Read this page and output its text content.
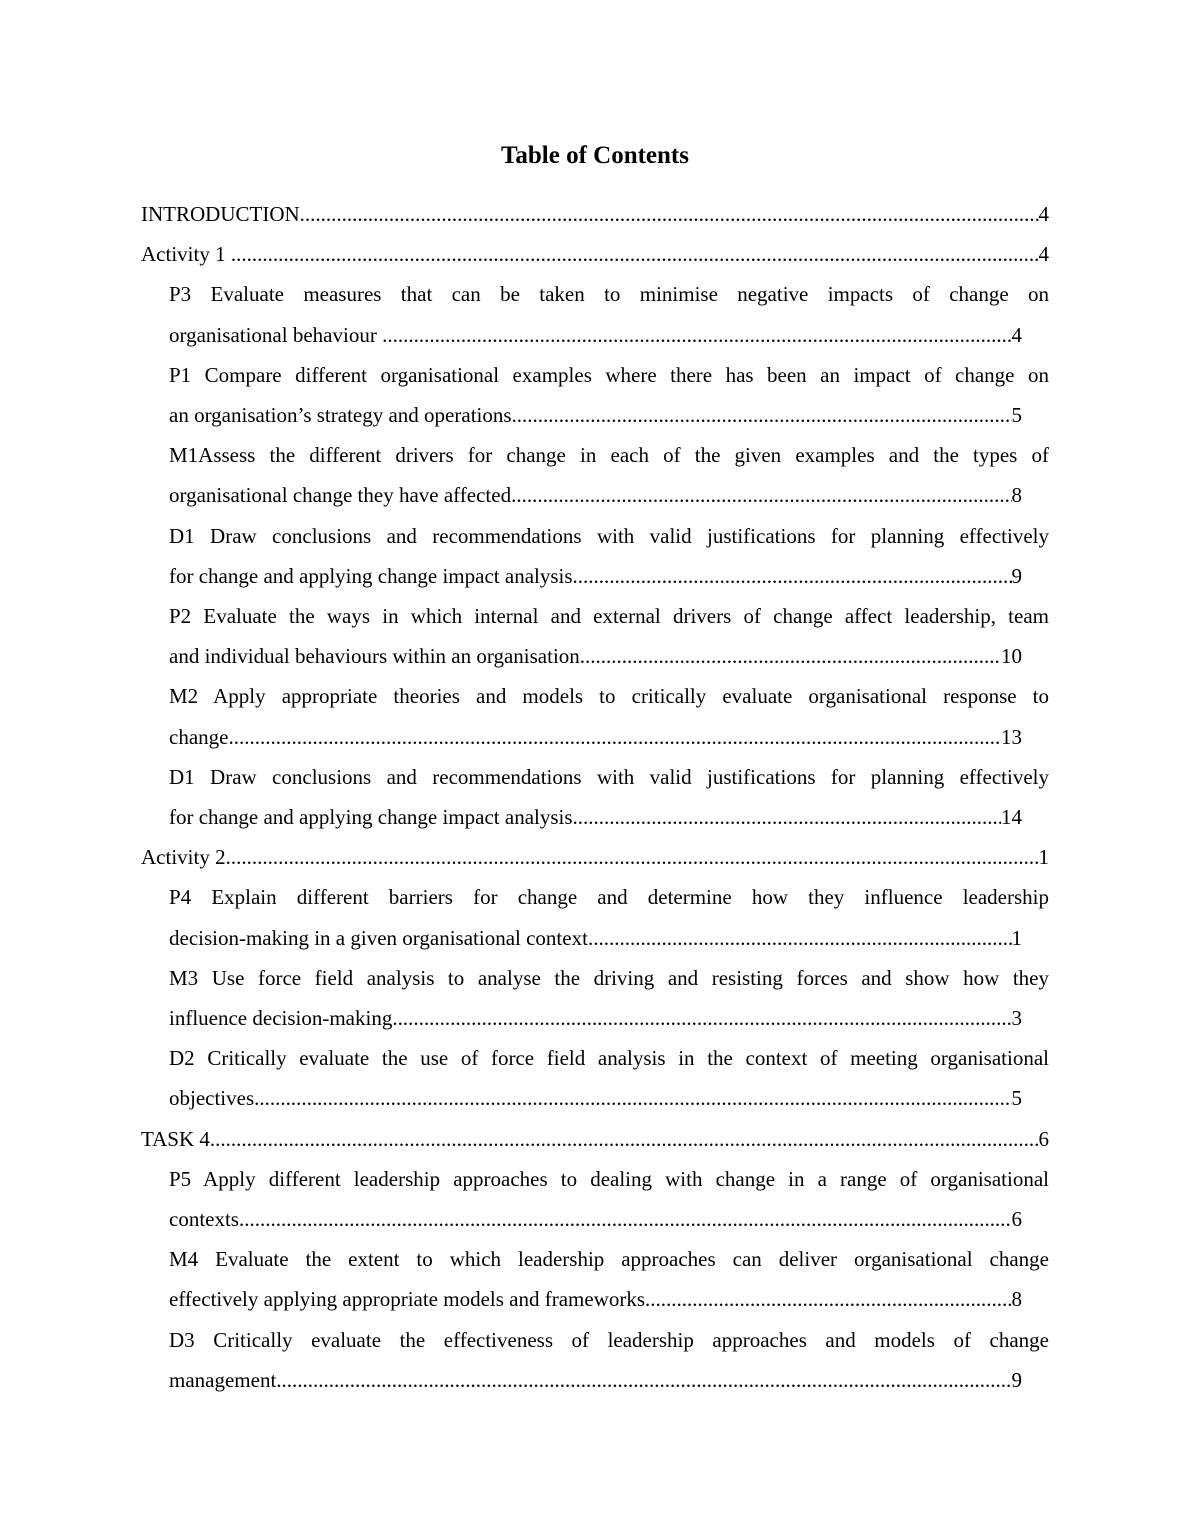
Table of Contents
INTRODUCTION .....	4
Activity 1 .....	4
P3 Evaluate measures that can be taken to minimise negative impacts of change on
organisational behaviour .....	4
P1 Compare different organisational examples where there has been an impact of change on
an organisation’s strategy and operations .....	5
M1Assess the different drivers for change in each of the given examples and the types of
organisational change they have affected .....	8
D1 Draw conclusions and recommendations with valid justifications for planning effectively
for change and applying change impact analysis .....	9
P2 Evaluate the ways in which internal and external drivers of change affect leadership, team
and individual behaviours within an organisation .....	10
M2 Apply appropriate theories and models to critically evaluate organisational response to
change .....	13
D1 Draw conclusions and recommendations with valid justifications for planning effectively
for change and applying change impact analysis .....	14
Activity 2 .....	1
P4 Explain different barriers for change and determine how they influence leadership
decision-making in a given organisational context .....	1
M3 Use force field analysis to analyse the driving and resisting forces and show how they
influence decision-making .....	3
D2 Critically evaluate the use of force field analysis in the context of meeting organisational
objectives .....	5
TASK 4 .....	6
P5 Apply different leadership approaches to dealing with change in a range of organisational
contexts .....	6
M4 Evaluate the extent to which leadership approaches can deliver organisational change
effectively applying appropriate models and frameworks .....	8
D3 Critically evaluate the effectiveness of leadership approaches and models of change
management .....	9
